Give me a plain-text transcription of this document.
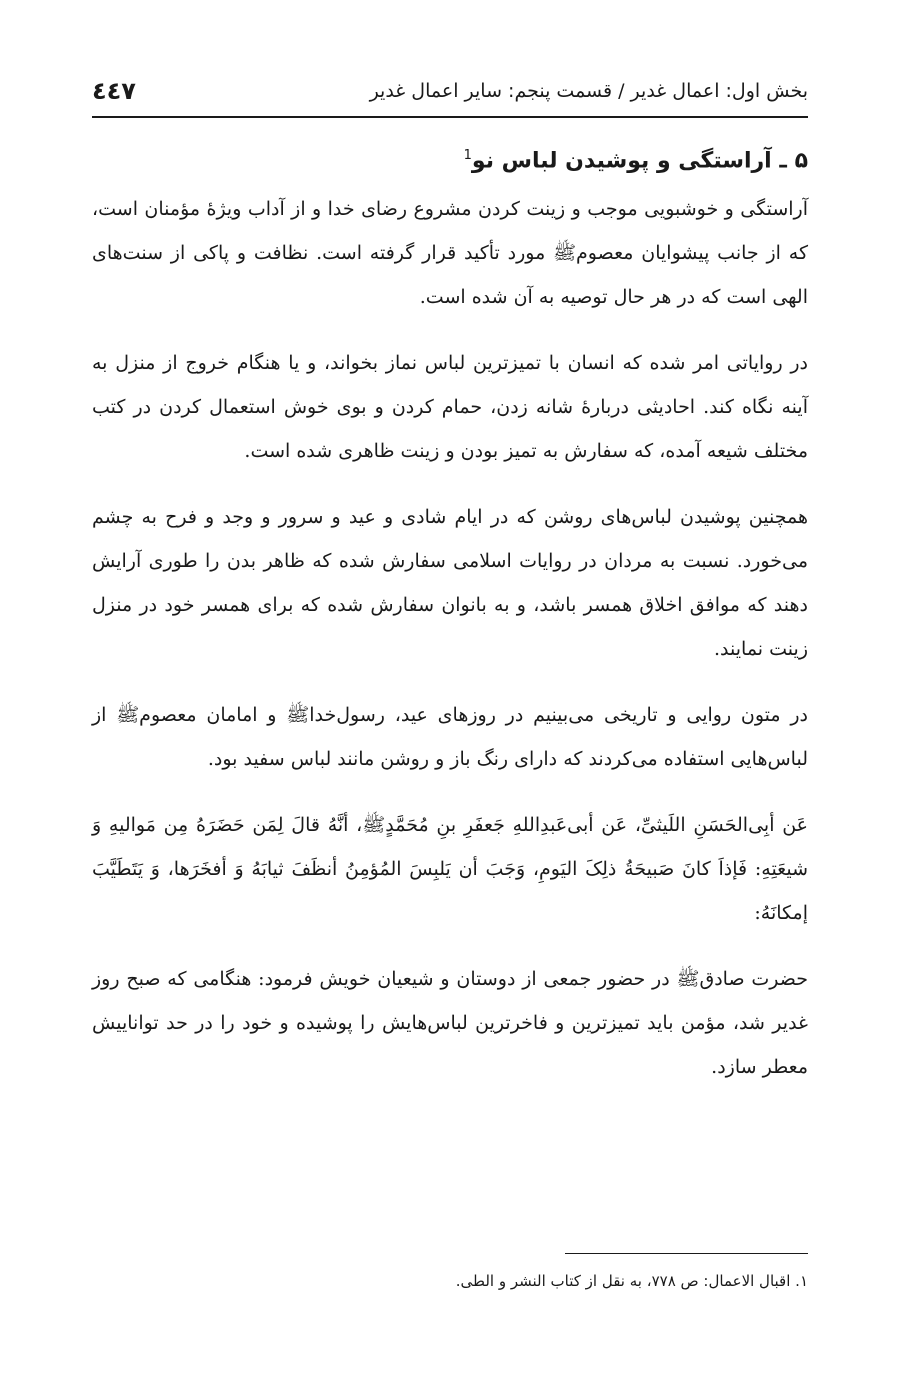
بخش اول: اعمال غدیر / قسمت پنجم: سایر اعمال غدیر
٤٤٧
۵ ـ آراستگی و پوشیدن لباس نو$^1$

آراستگی و خوشبویی موجب و زینت کردن مشروع رضای خدا و از آداب ویژهٔ مؤمنان است، که از جانب پیشوایان معصومﷺ مورد تأکید قرار گرفته است. نظافت و پاکی از سنت‌های الهی است که در هر حال توصیه به آن شده است.

در روایاتی امر شده که انسان با تمیزترین لباس نماز بخواند، و یا هنگام خروج از منزل به آینه نگاه کند. احادیثی دربارهٔ شانه زدن، حمام کردن و بوی خوش استعمال کردن در کتب مختلف شیعه آمده، که سفارش به تمیز بودن و زینت ظاهری شده است.

همچنین پوشیدن لباس‌های روشن که در ایام شادی و عید و سرور و وجد و فرح به چشم می‌خورد. نسبت به مردان در روایات اسلامی سفارش شده که ظاهر بدن را طوری آرایش دهند که موافق اخلاق همسر باشد، و به بانوان سفارش شده که برای همسر خود در منزل زینت نمایند.

در متون روایی و تاریخی می‌بینیم در روزهای عید، رسول‌خداﷺ و امامان معصومﷺ از لباس‌هایی استفاده می‌کردند که دارای رنگ باز و روشن مانند لباس سفید بود.

عَن أبِی‌الحَسَنِ اللَیثیِّ، عَن أبی‌عَبدِاللهِ جَعفَرِ بنِ مُحَمَّدٍﷺ، أنَّهُ قالَ لِمَن حَضَرَهُ مِن مَوالیهِ وَ شیعَتِهِ: فَإذاَ کانَ صَبیحَةُ ذلِکَ الیَومِ، وَجَبَ أن یَلبِسَ المُؤمِنُ أنظَفَ ثیابَهُ وَ أفخَرَها، وَ یَتَطَیَّبَ إمکانَهُ:

حضرت صادقﷺ در حضور جمعی از دوستان و شیعیان خویش فرمود: هنگامی که صبح روز غدیر شد، مؤمن باید تمیزترین و فاخرترین لباس‌هایش را پوشیده و خود را در حد تواناییش معطر سازد.

١. اقبال الاعمال: ص ٧٧٨، به نقل از کتاب النشر و الطی.
